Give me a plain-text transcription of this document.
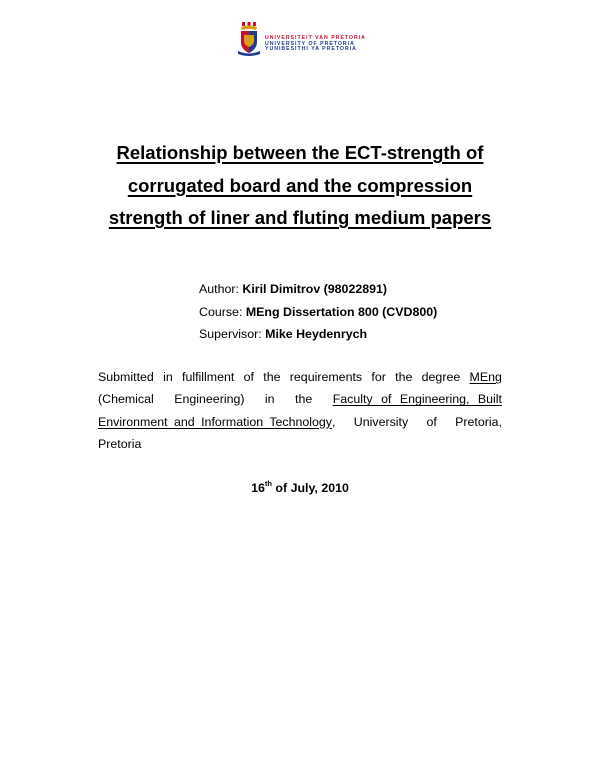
UNIVERSITEIT VAN PRETORIA
UNIVERSITY OF PRETORIA
YUNIBESITHI YA PRETORIA
Relationship between the ECT-strength of
corrugated board and the compression
strength of liner and fluting medium papers
Author: Kiril Dimitrov (98022891)
Course: MEng Dissertation 800 (CVD800)
Supervisor: Mike Heydenrych
Submitted in fulfillment of the requirements for the degree MEng
(Chemical Engineering) in the Faculty of Engineering, Built
Environment and Information Technology, University of Pretoria,
Pretoria
16th of July, 2010
